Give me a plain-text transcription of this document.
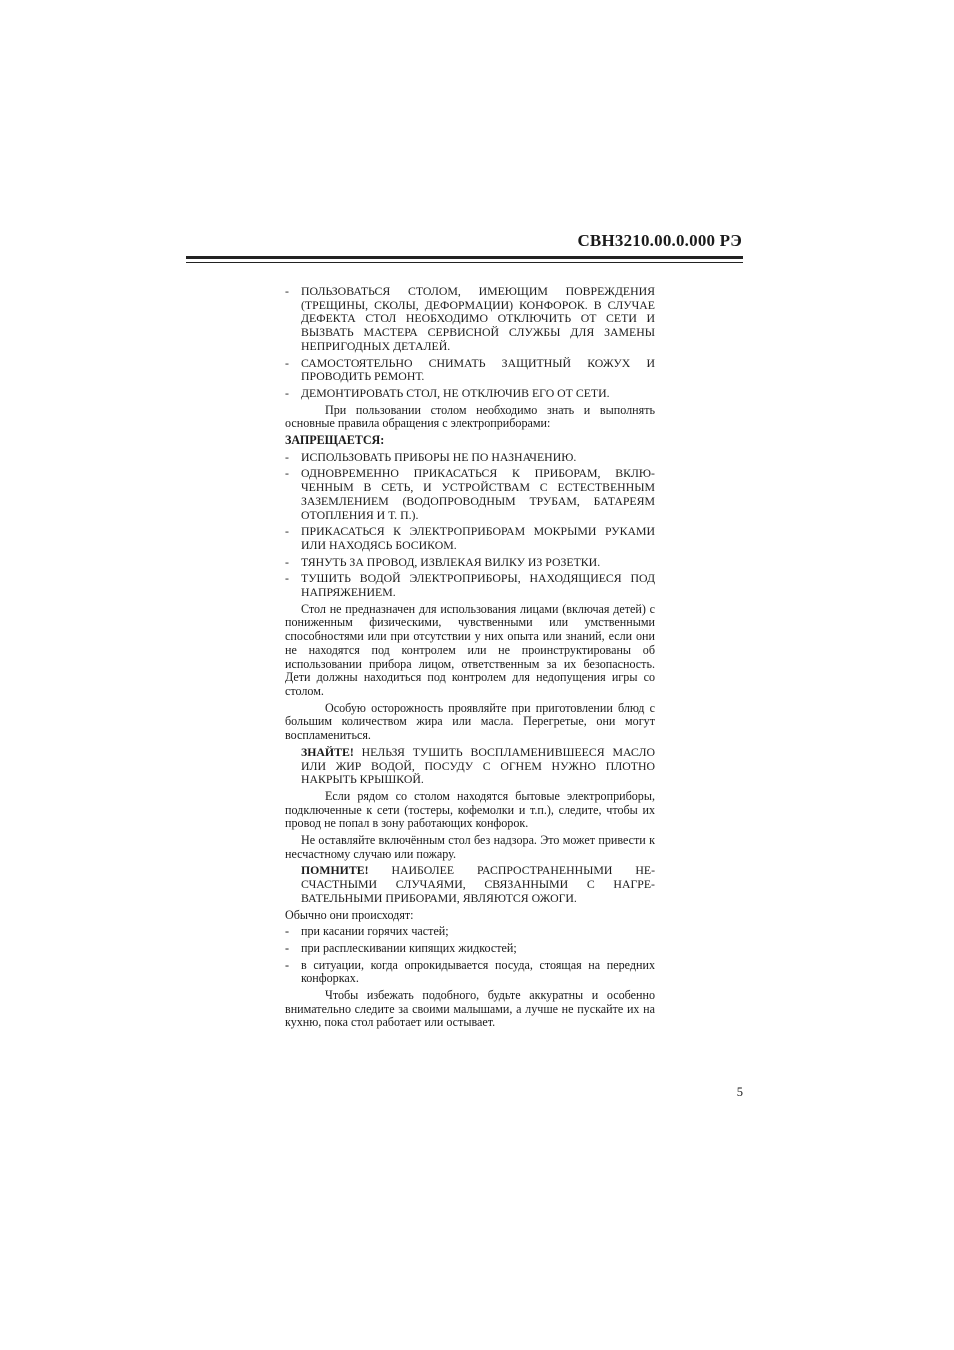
СВН3210.00.0.000 РЭ
- ПОЛЬЗОВАТЬСЯ СТОЛОМ, ИМЕЮЩИМ ПОВРЕЖДЕНИЯ (ТРЕЩИНЫ, СКОЛЫ, ДЕФОРМАЦИИ) КОНФОРОК. В СЛУЧАЕ ДЕФЕКТА СТОЛ НЕОБХОДИМО ОТКЛЮЧИТЬ ОТ СЕТИ И ВЫЗВАТЬ МАСТЕРА СЕРВИСНОЙ СЛУЖБЫ ДЛЯ ЗАМЕНЫ НЕПРИГОДНЫХ ДЕТАЛЕЙ.
- САМОСТОЯТЕЛЬНО СНИМАТЬ ЗАЩИТНЫЙ КОЖУХ И ПРОВОДИТЬ РЕМОНТ.
- ДЕМОНТИРОВАТЬ СТОЛ, НЕ ОТКЛЮЧИВ ЕГО ОТ СЕТИ.

При пользовании столом необходимо знать и выполнять основные правила обращения с электроприборами:

ЗАПРЕЩАЕТСЯ:
- ИСПОЛЬЗОВАТЬ ПРИБОРЫ НЕ ПО НАЗНАЧЕНИЮ.
- ОДНОВРЕМЕННО ПРИКАСАТЬСЯ К ПРИБОРАМ, ВКЛЮ-ЧЕННЫМ В СЕТЬ, И УСТРОЙСТВАМ С ЕСТЕСТВЕННЫМ ЗАЗЕМЛЕНИЕМ (ВОДОПРОВОДНЫМ ТРУБАМ, БАТАРЕЯМ ОТОПЛЕНИЯ И Т. П.).
- ПРИКАСАТЬСЯ К ЭЛЕКТРОПРИБОРАМ МОКРЫМИ РУКАМИ ИЛИ НАХОДЯСЬ БОСИКОМ.
- ТЯНУТЬ ЗА ПРОВОД, ИЗВЛЕКАЯ ВИЛКУ ИЗ РОЗЕТКИ.
- ТУШИТЬ ВОДОЙ ЭЛЕКТРОПРИБОРЫ, НАХОДЯЩИЕСЯ ПОД НАПРЯЖЕНИЕМ.

Стол не предназначен для использования лицами (включая детей) с пониженным физическими, чувственными или умственными способностями или при отсутствии у них опыта или знаний, если они не находятся под контролем или не проинструктированы об использовании прибора лицом, ответственным за их безопасность. Дети должны находиться под контролем для недопущения игры со столом.

Особую осторожность проявляйте при приготовлении блюд с большим количеством жира или масла. Перегретые, они могут воспламениться.

ЗНАЙТЕ! НЕЛЬЗЯ ТУШИТЬ ВОСПЛАМЕНИВШЕЕСЯ МАСЛО ИЛИ ЖИР ВОДОЙ, ПОСУДУ С ОГНЕМ НУЖНО ПЛОТНО НАКРЫТЬ КРЫШКОЙ.

Если рядом со столом находятся бытовые электроприборы, подключенные к сети (тостеры, кофемолки и т.п.), следите, чтобы их провод не попал в зону работающих конфорок.

Не оставляйте включённым стол без надзора. Это может привести к несчастному случаю или пожару.

ПОМНИТЕ! НАИБОЛЕЕ РАСПРОСТРАНЕННЫМИ НЕ-СЧАСТНЫМИ СЛУЧАЯМИ, СВЯЗАННЫМИ С НАГРЕ-ВАТЕЛЬНЫМИ ПРИБОРАМИ, ЯВЛЯЮТСЯ ОЖОГИ.

Обычно они происходят:

- при касании горячих частей;
- при расплескивании кипящих жидкостей;
- в ситуации, когда опрокидывается посуда, стоящая на передних конфорках.

Чтобы избежать подобного, будьте аккуратны и особенно внимательно следите за своими малышами, а лучше не пускайте их на кухню, пока стол работает или остывает.

5
